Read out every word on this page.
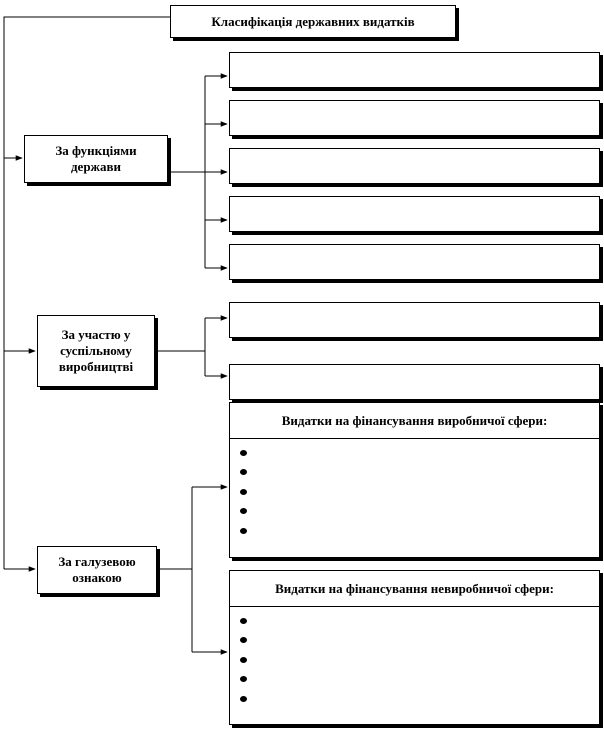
Класифікація державних видатків
За функціями держави
За участю у суспільному виробництві
За галузевою ознакою
Видатки на фінансування виробничої сфери:
Видатки на фінансування невиробничої сфери:
